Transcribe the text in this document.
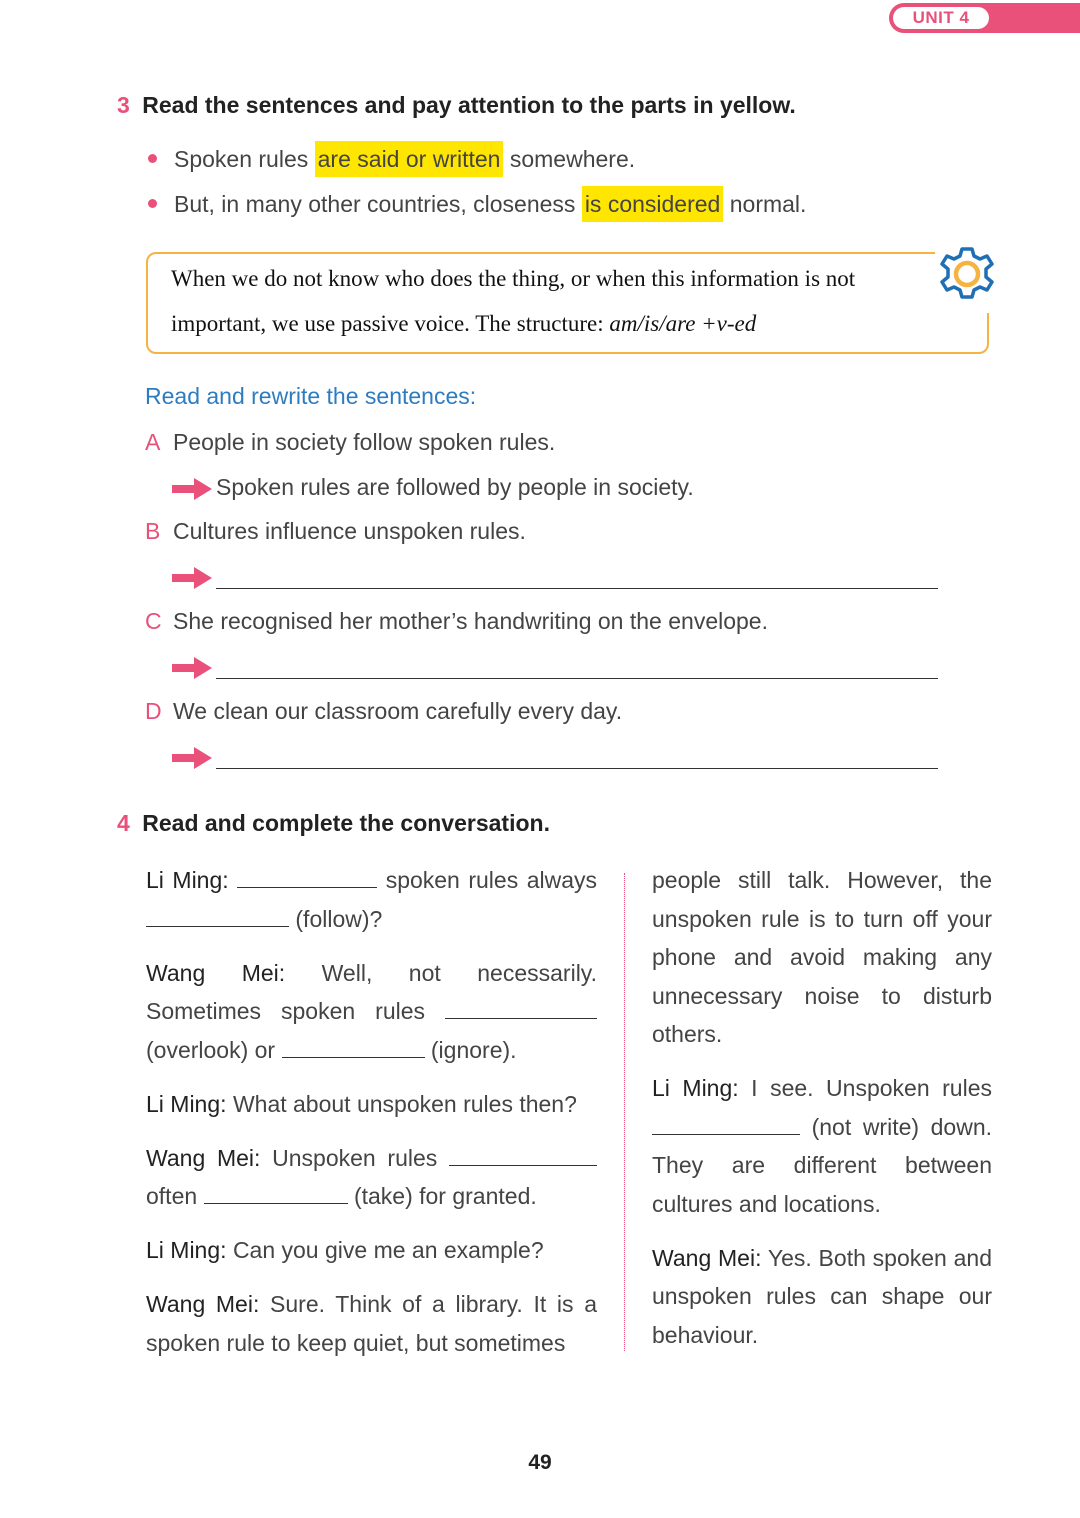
UNIT 4
3 Read the sentences and pay attention to the parts in yellow.
Spoken rules are said or written somewhere.
But, in many other countries, closeness is considered normal.
When we do not know who does the thing, or when this information is not
important, we use passive voice. The structure: am/is/are +v-ed
Read and rewrite the sentences:
A People in society follow spoken rules.
Spoken rules are followed by people in society.
B Cultures influence unspoken rules.
C She recognised her mother’s handwriting on the envelope.
D We clean our classroom carefully every day.
4 Read and complete the conversation.

Li Ming:	spoken rules always  (follow)?

Wang Mei: Well, not necessarily. Sometimes spoken rules  (overlook) or	(ignore).

Li Ming: What about unspoken rules then?

Wang Mei: Unspoken rules  often	(take) for granted.

Li Ming: Can you give me an example?

Wang Mei: Sure. Think of a library. It is a spoken rule to keep quiet, but sometimes

people still talk. However, the unspoken rule is to turn off your phone and avoid making any unnecessary noise to disturb others.

Li Ming: I see. Unspoken rules  (not write) down. They are different between cultures and locations.

Wang Mei: Yes. Both spoken and unspoken rules can shape our behaviour.

49
